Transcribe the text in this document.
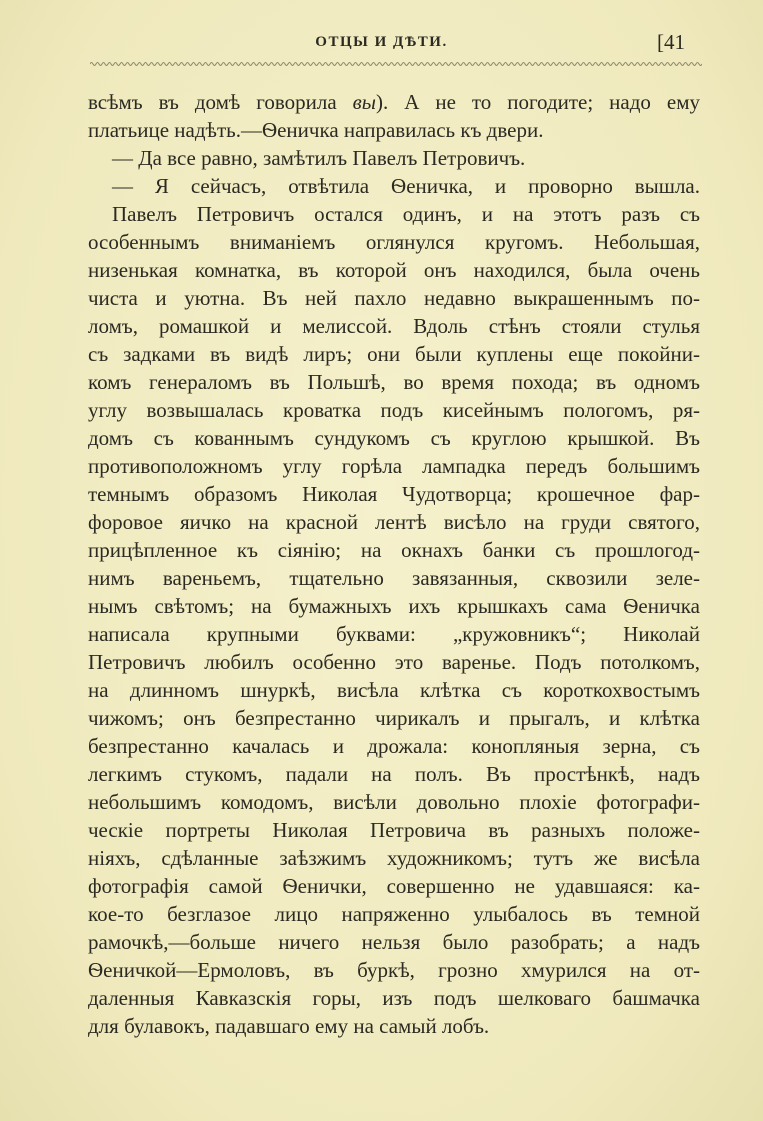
ОТЦЫ И ДѢТИ.	[41
всѣмъ въ домѣ говорила вы). А не то погодите; надо ему
платьице надѣть.—Ѳеничка направилась къ двери.
— Да все равно, замѣтилъ Павелъ Петровичъ.
— Я сейчасъ, отвѣтила Ѳеничка, и проворно вышла.
Павелъ Петровичъ остался одинъ, и на этотъ разъ съ
особеннымъ вниманіемъ оглянулся кругомъ. Небольшая,
низенькая комнатка, въ которой онъ находился, была очень
чиста и уютна. Въ ней пахло недавно выкрашеннымъ по-
ломъ, ромашкой и мелиссой. Вдоль стѣнъ стояли стулья
съ задками въ видѣ лиръ; они были куплены еще покойни-
комъ генераломъ въ Польшѣ, во время похода; въ одномъ
углу возвышалась кроватка подъ кисейнымъ пологомъ, ря-
домъ съ кованнымъ сундукомъ съ круглою крышкой. Въ
противоположномъ углу горѣла лампадка передъ большимъ
темнымъ образомъ Николая Чудотворца; крошечное фар-
форовое яичко на красной лентѣ висѣло на груди святого,
прицѣпленное къ сіянію; на окнахъ банки съ прошлогод-
нимъ вареньемъ, тщательно завязанныя, сквозили зеле-
нымъ свѣтомъ; на бумажныхъ ихъ крышкахъ сама Ѳеничка
написала крупными буквами: „кружовникъ“; Николай
Петровичъ любилъ особенно это варенье. Подъ потолкомъ,
на длинномъ шнуркѣ, висѣла клѣтка съ короткохвостымъ
чижомъ; онъ безпрестанно чирикалъ и прыгалъ, и клѣтка
безпрестанно качалась и дрожала: конопляныя зерна, съ
легкимъ стукомъ, падали на полъ. Въ простѣнкѣ, надъ
небольшимъ комодомъ, висѣли довольно плохіе фотографи-
ческіе портреты Николая Петровича въ разныхъ положе-
ніяхъ, сдѣланные заѣзжимъ художникомъ; тутъ же висѣла
фотографія самой Ѳенички, совершенно не удавшаяся: ка-
кое-то безглазое лицо напряженно улыбалось въ темной
рамочкѣ,—больше ничего нельзя было разобрать; а надъ
Ѳеничкой—Ермоловъ, въ буркѣ, грозно хмурился на от-
даленныя Кавказскія горы, изъ подъ шелковаго башмачка
для булавокъ, падавшаго ему на самый лобъ.
